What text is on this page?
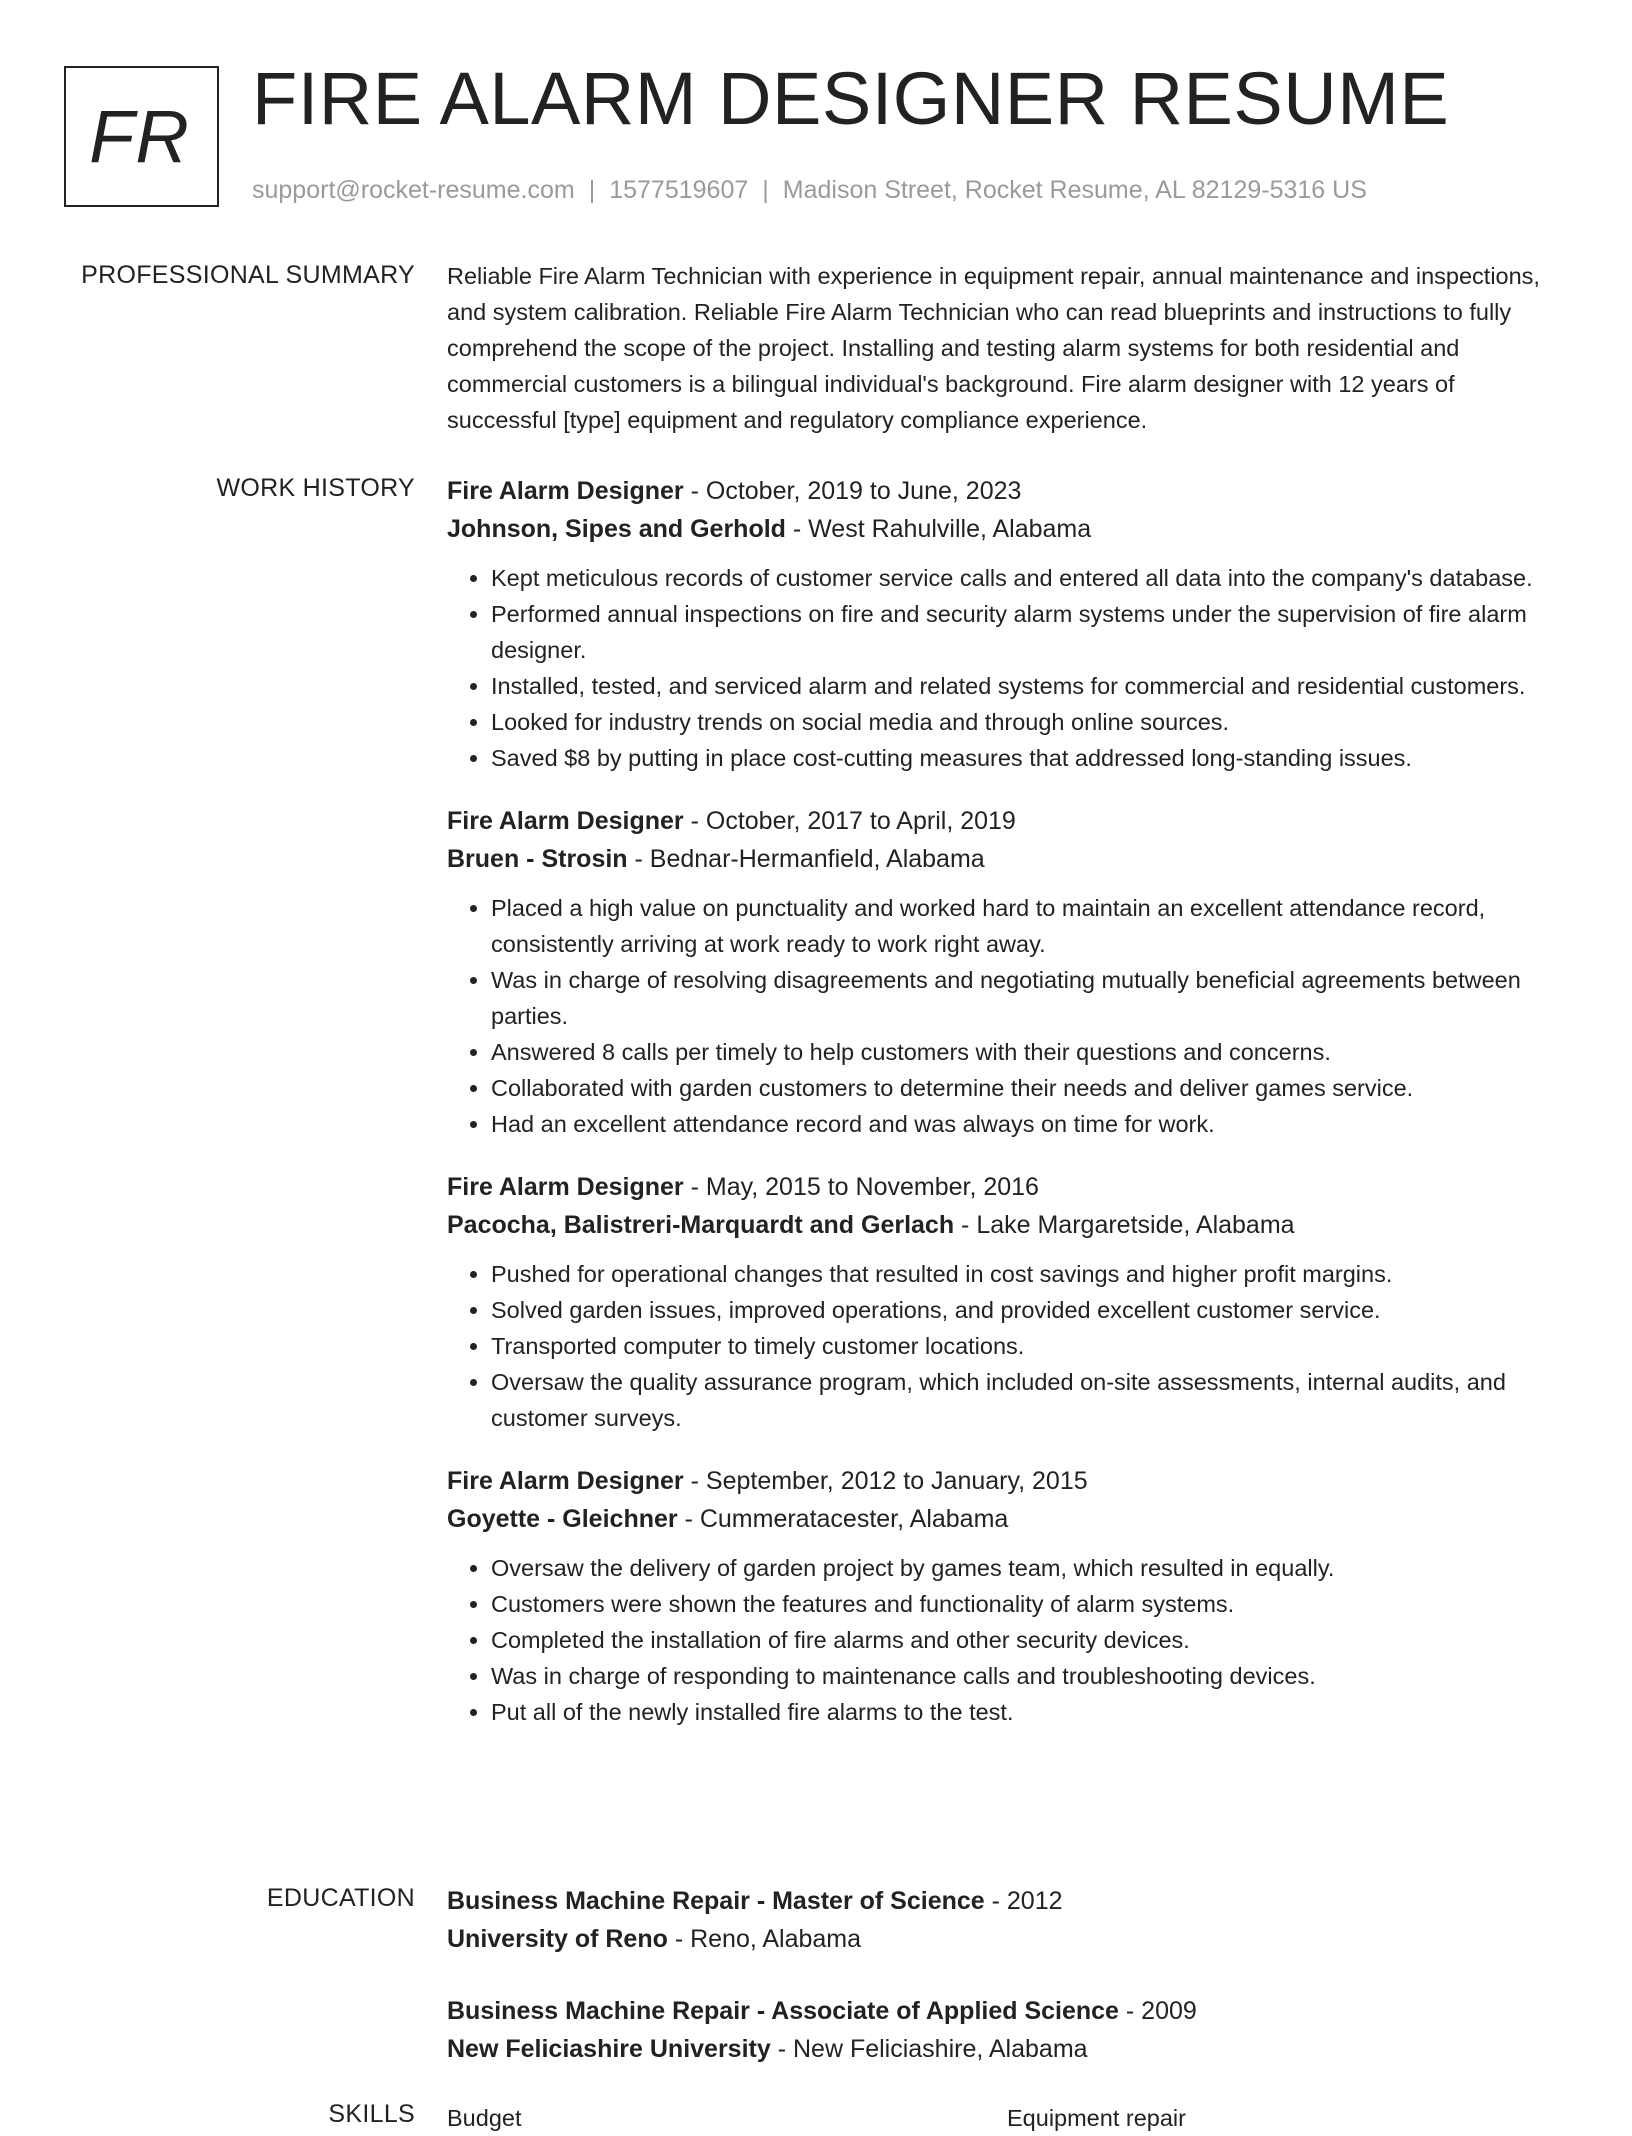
FR FIRE ALARM DESIGNER RESUME
support@rocket-resume.com | 1577519607 | Madison Street, Rocket Resume, AL 82129-5316 US
PROFESSIONAL SUMMARY Reliable Fire Alarm Technician with experience in equipment repair, annual maintenance and inspections, and system calibration. Reliable Fire Alarm Technician who can read blueprints and instructions to fully comprehend the scope of the project. Installing and testing alarm systems for both residential and commercial customers is a bilingual individual's background. Fire alarm designer with 12 years of successful [type] equipment and regulatory compliance experience.

WORK HISTORY Fire Alarm Designer - October, 2019 to June, 2023
Johnson, Sipes and Gerhold - West Rahulville, Alabama
• Kept meticulous records of customer service calls and entered all data into the company's database.
• Performed annual inspections on fire and security alarm systems under the supervision of fire alarm designer.
• Installed, tested, and serviced alarm and related systems for commercial and residential customers.
• Looked for industry trends on social media and through online sources.
• Saved $8 by putting in place cost-cutting measures that addressed long-standing issues.
Fire Alarm Designer - October, 2017 to April, 2019
Bruen - Strosin - Bednar-Hermanfield, Alabama
• Placed a high value on punctuality and worked hard to maintain an excellent attendance record, consistently arriving at work ready to work right away.
• Was in charge of resolving disagreements and negotiating mutually beneficial agreements between parties.
• Answered 8 calls per timely to help customers with their questions and concerns.
• Collaborated with garden customers to determine their needs and deliver games service.
• Had an excellent attendance record and was always on time for work.
Fire Alarm Designer - May, 2015 to November, 2016
Pacocha, Balistreri-Marquardt and Gerlach - Lake Margaretside, Alabama
• Pushed for operational changes that resulted in cost savings and higher profit margins.
• Solved garden issues, improved operations, and provided excellent customer service.
• Transported computer to timely customer locations.
• Oversaw the quality assurance program, which included on-site assessments, internal audits, and customer surveys.
Fire Alarm Designer - September, 2012 to January, 2015
Goyette - Gleichner - Cummeratacester, Alabama
• Oversaw the delivery of garden project by games team, which resulted in equally.
• Customers were shown the features and functionality of alarm systems.
• Completed the installation of fire alarms and other security devices.
• Was in charge of responding to maintenance calls and troubleshooting devices.
• Put all of the newly installed fire alarms to the test.
EDUCATION Business Machine Repair - Master of Science - 2012
University of Reno - Reno, Alabama
Business Machine Repair - Associate of Applied Science - 2009
New Feliciashire University - New Feliciashire, Alabama
SKILLS Budget	Equipment repair
